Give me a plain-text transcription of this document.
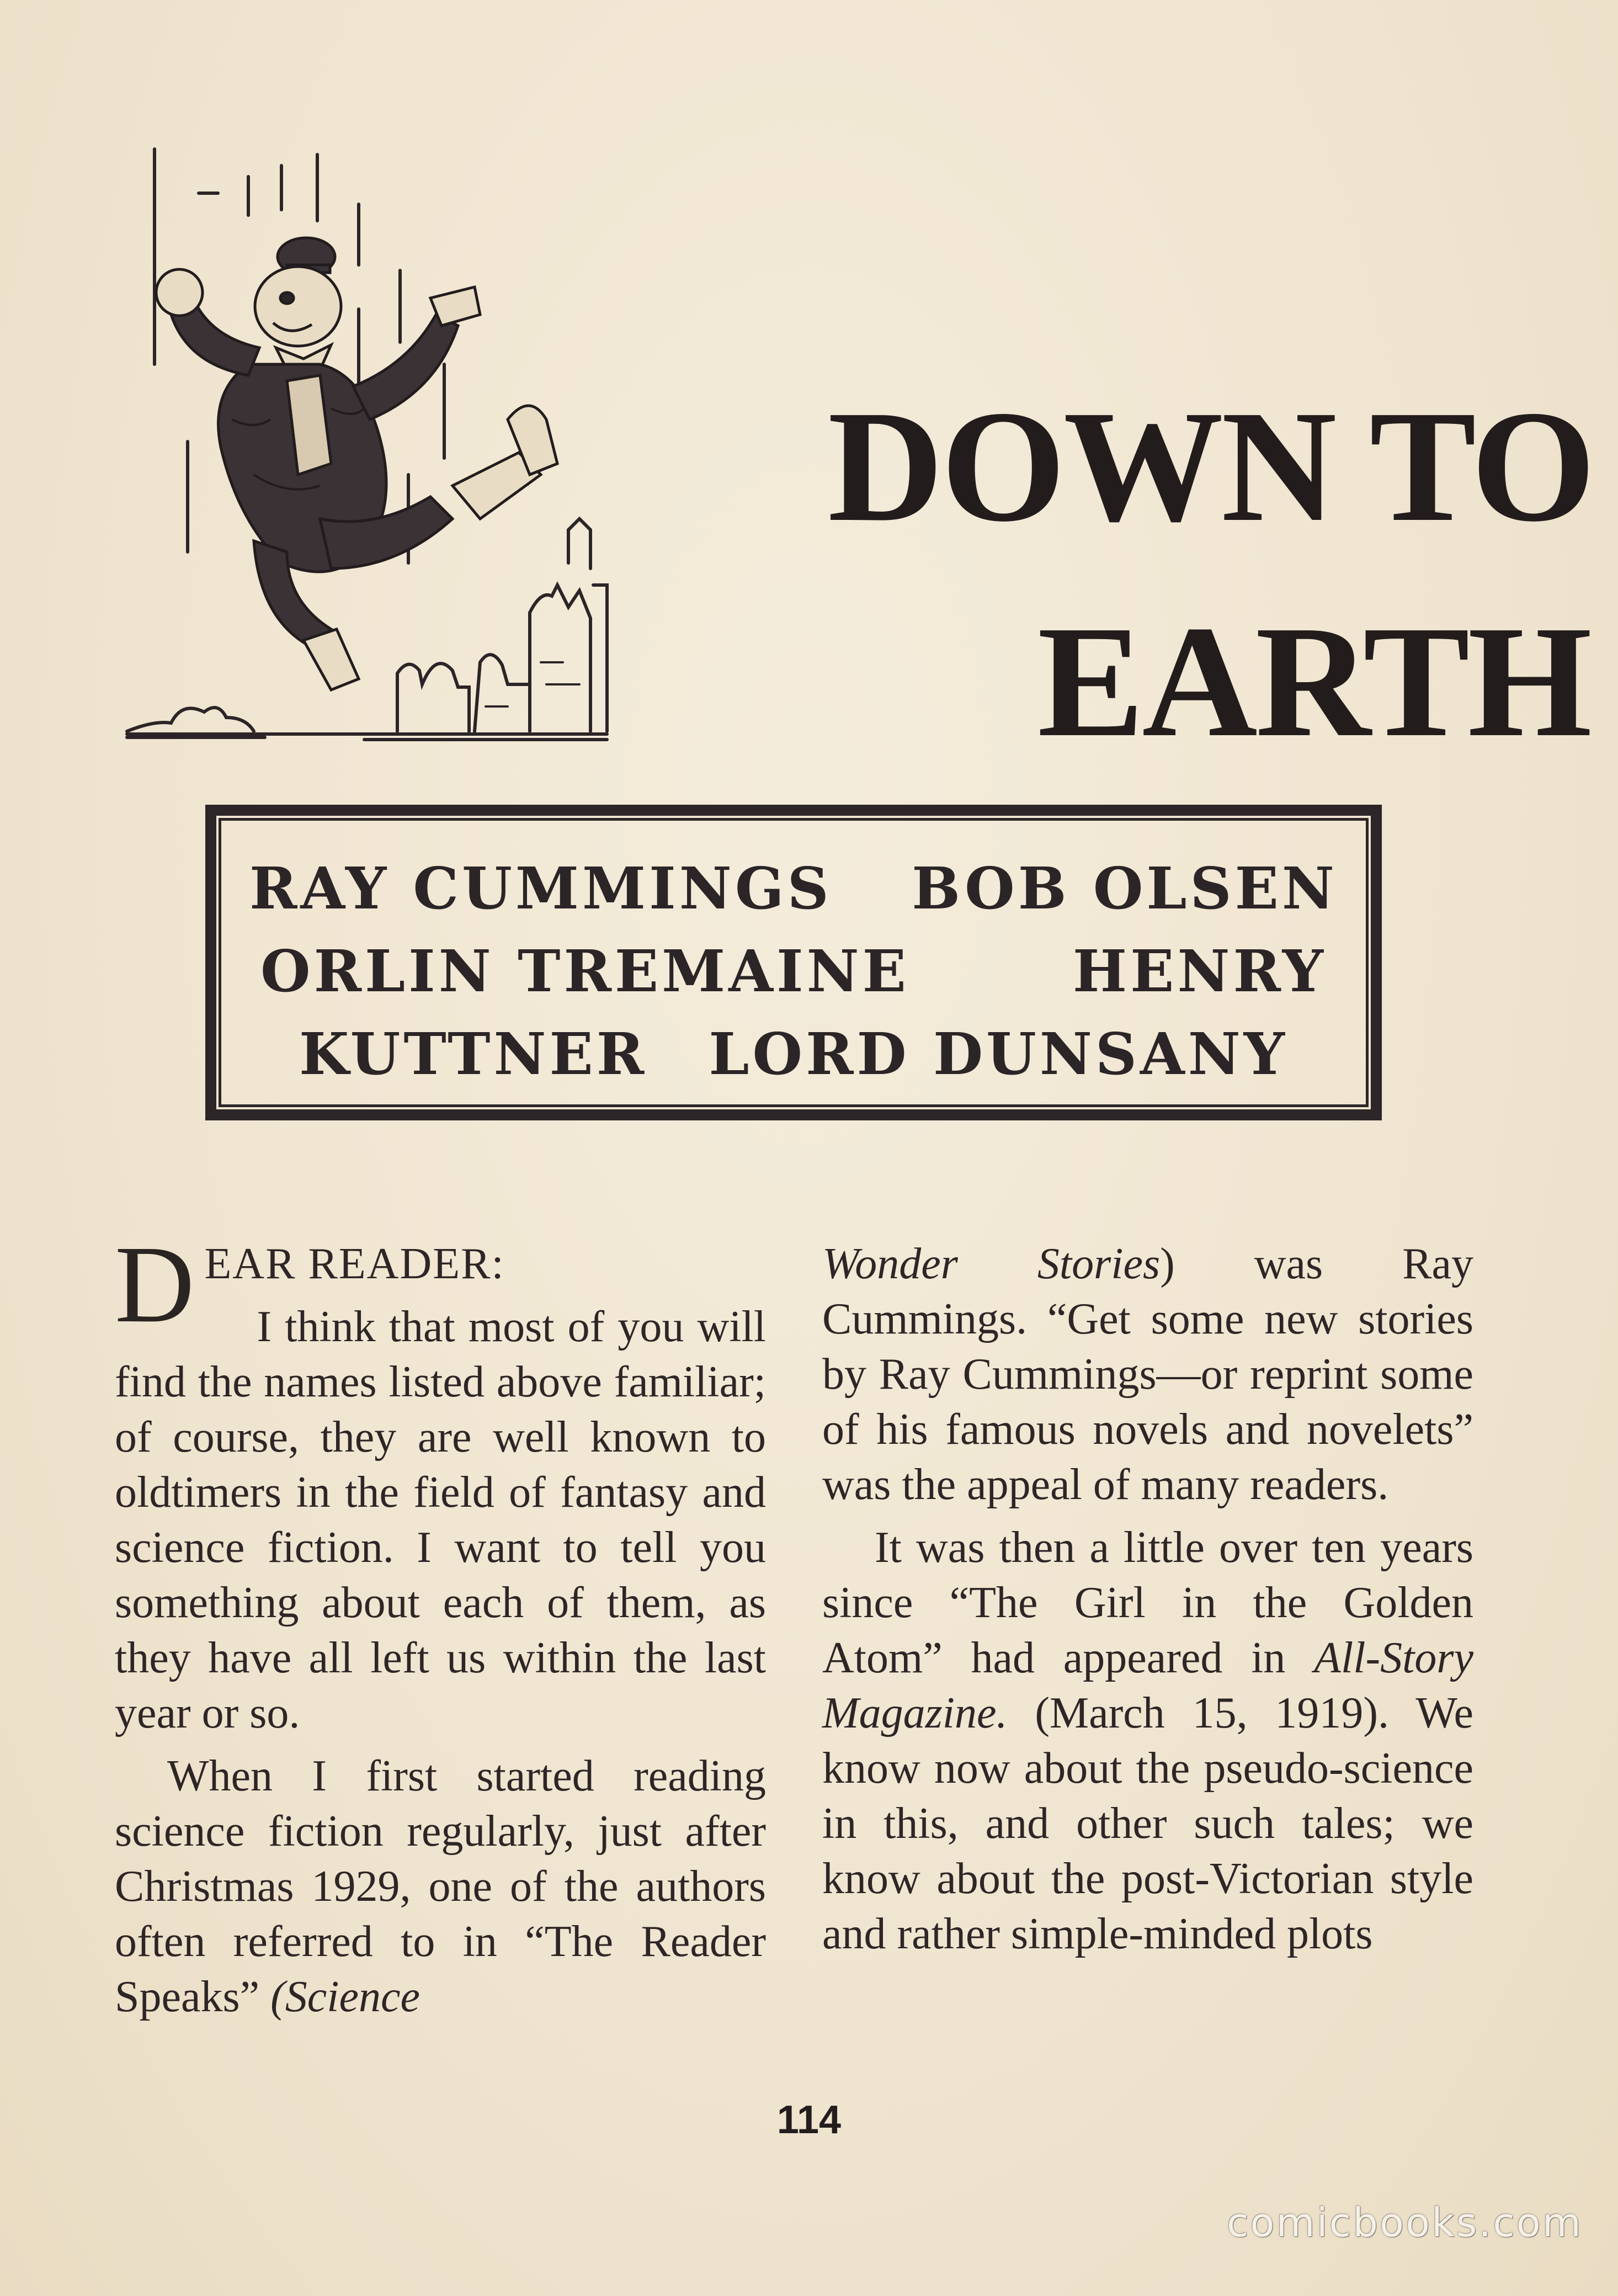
DOWN TO
EARTH
RAY CUMMINGS BOB OLSEN
ORLIN TREMAINE	HENRY
KUTTNER LORD DUNSANY

DEAR READER:

I think that most of you will find the names listed above familiar; of course, they are well known to oldtimers in the field of fantasy and science fiction. I want to tell you something about each of them, as they have all left us within the last year or so.

When I first started reading science fiction regularly, just after Christmas 1929, one of the authors often referred to in “The Reader Speaks” (Science

Wonder Stories) was Ray Cummings. “Get some new stories by Ray Cummings—or reprint some of his famous novels and novelets” was the appeal of many readers.

It was then a little over ten years since “The Girl in the Golden Atom” had appeared in All-Story Magazine. (March 15, 1919). We know now about the pseudo-science in this, and other such tales; we know about the post-Victorian style and rather simple-minded plots

114
comicbooks.com
